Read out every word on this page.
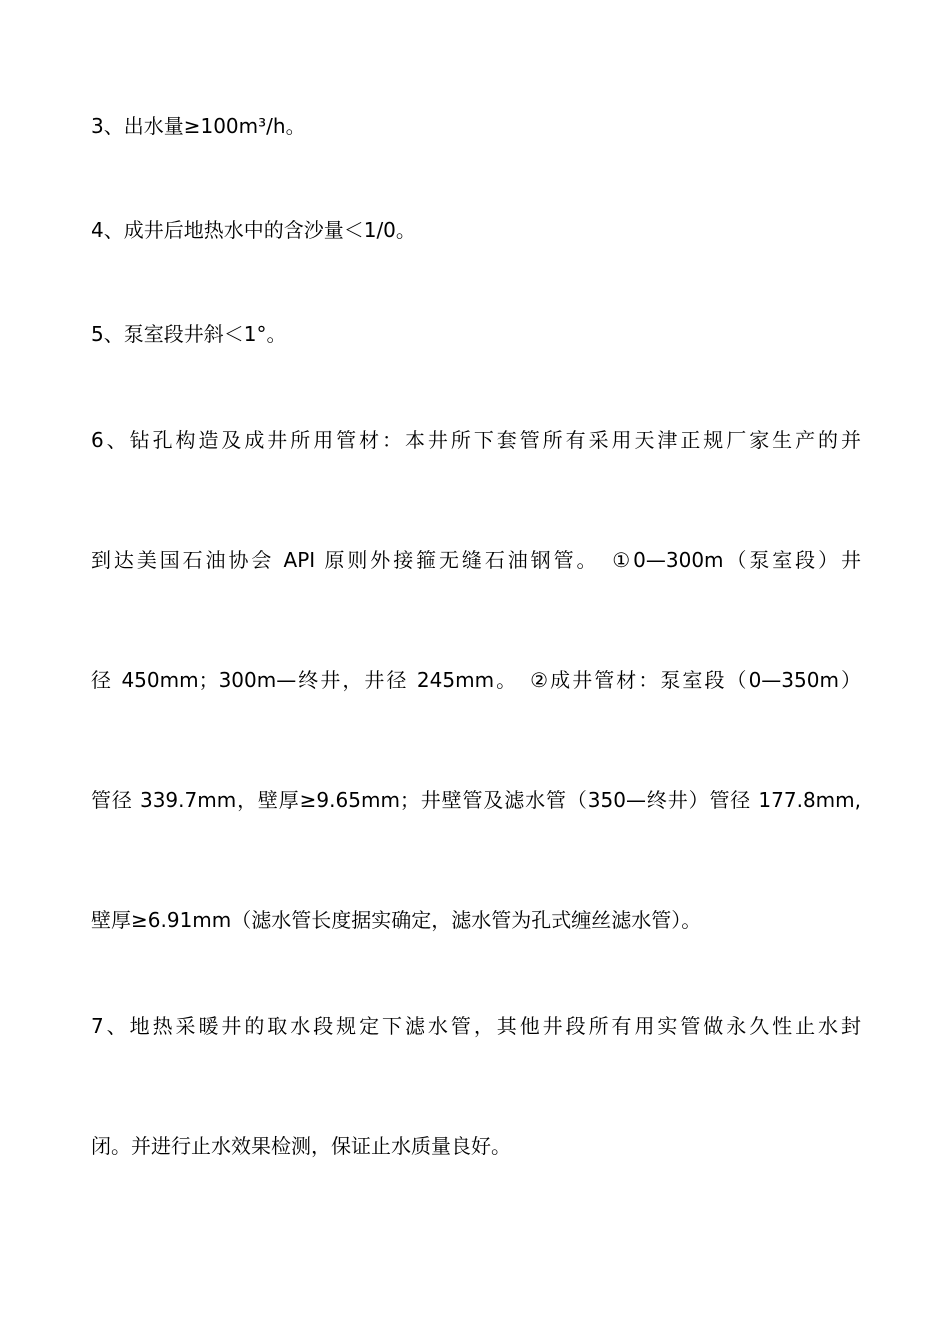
3、出水量≥100m³/h。
4、成井后地热水中的含沙量＜1/0。
5、泵室段井斜＜1°。
6、钻孔构造及成井所用管材：本井所下套管所有采用天津正规厂家生产的并
到达美国石油协会 API 原则外接箍无缝石油钢管。　①0—300m（泵室段）井
径 450mm；300m—终井，井径 245mm。　②成井管材：泵室段（0—350m）
管径 339.7mm，壁厚≥9.65mm；井壁管及滤水管（350—终井）管径 177.8mm,
壁厚≥6.91mm（滤水管长度据实确定，滤水管为孔式缠丝滤水管）。
7、地热采暖井的取水段规定下滤水管，其他井段所有用实管做永久性止水封
闭。并进行止水效果检测，保证止水质量良好。
